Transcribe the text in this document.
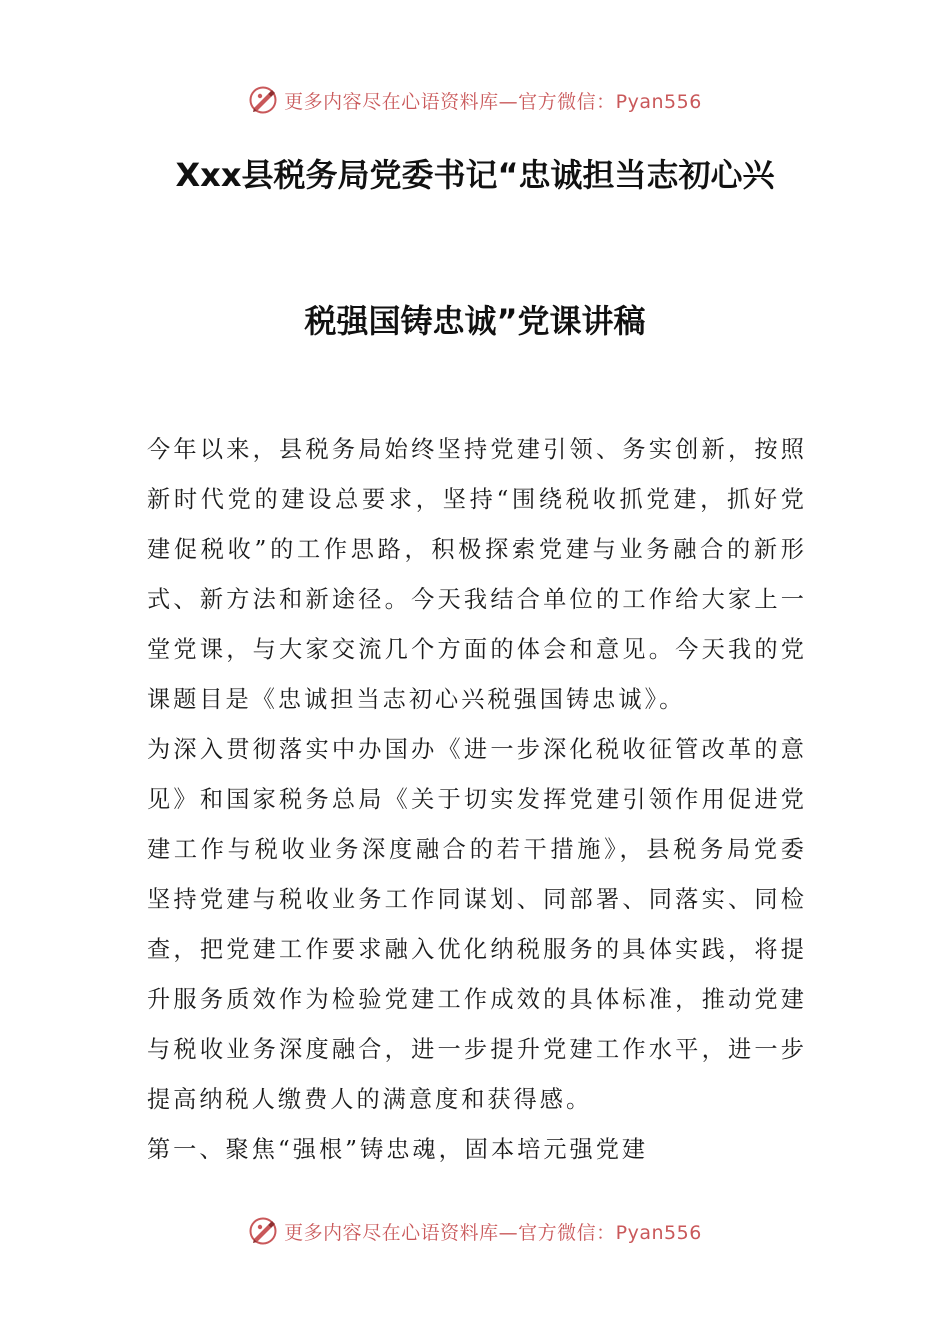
更多内容尽在心语资料库—官方微信：Pyan556
Xxx县税务局党委书记“忠诚担当志初心兴
税强国铸忠诚”党课讲稿

今年以来，县税务局始终坚持党建引领、务实创新，按照新时代党的建设总要求，坚持“围绕税收抓党建，抓好党建促税收”的工作思路，积极探索党建与业务融合的新形式、新方法和新途径。今天我结合单位的工作给大家上一堂党课，与大家交流几个方面的体会和意见。今天我的党课题目是《忠诚担当志初心兴税强国铸忠诚》。

为深入贯彻落实中办国办《进一步深化税收征管改革的意见》和国家税务总局《关于切实发挥党建引领作用促进党建工作与税收业务深度融合的若干措施》，县税务局党委坚持党建与税收业务工作同谋划、同部署、同落实、同检查，把党建工作要求融入优化纳税服务的具体实践，将提升服务质效作为检验党建工作成效的具体标准，推动党建与税收业务深度融合，进一步提升党建工作水平，进一步提高纳税人缴费人的满意度和获得感。

第一、聚焦“强根”铸忠魂，固本培元强党建

更多内容尽在心语资料库—官方微信：Pyan556
